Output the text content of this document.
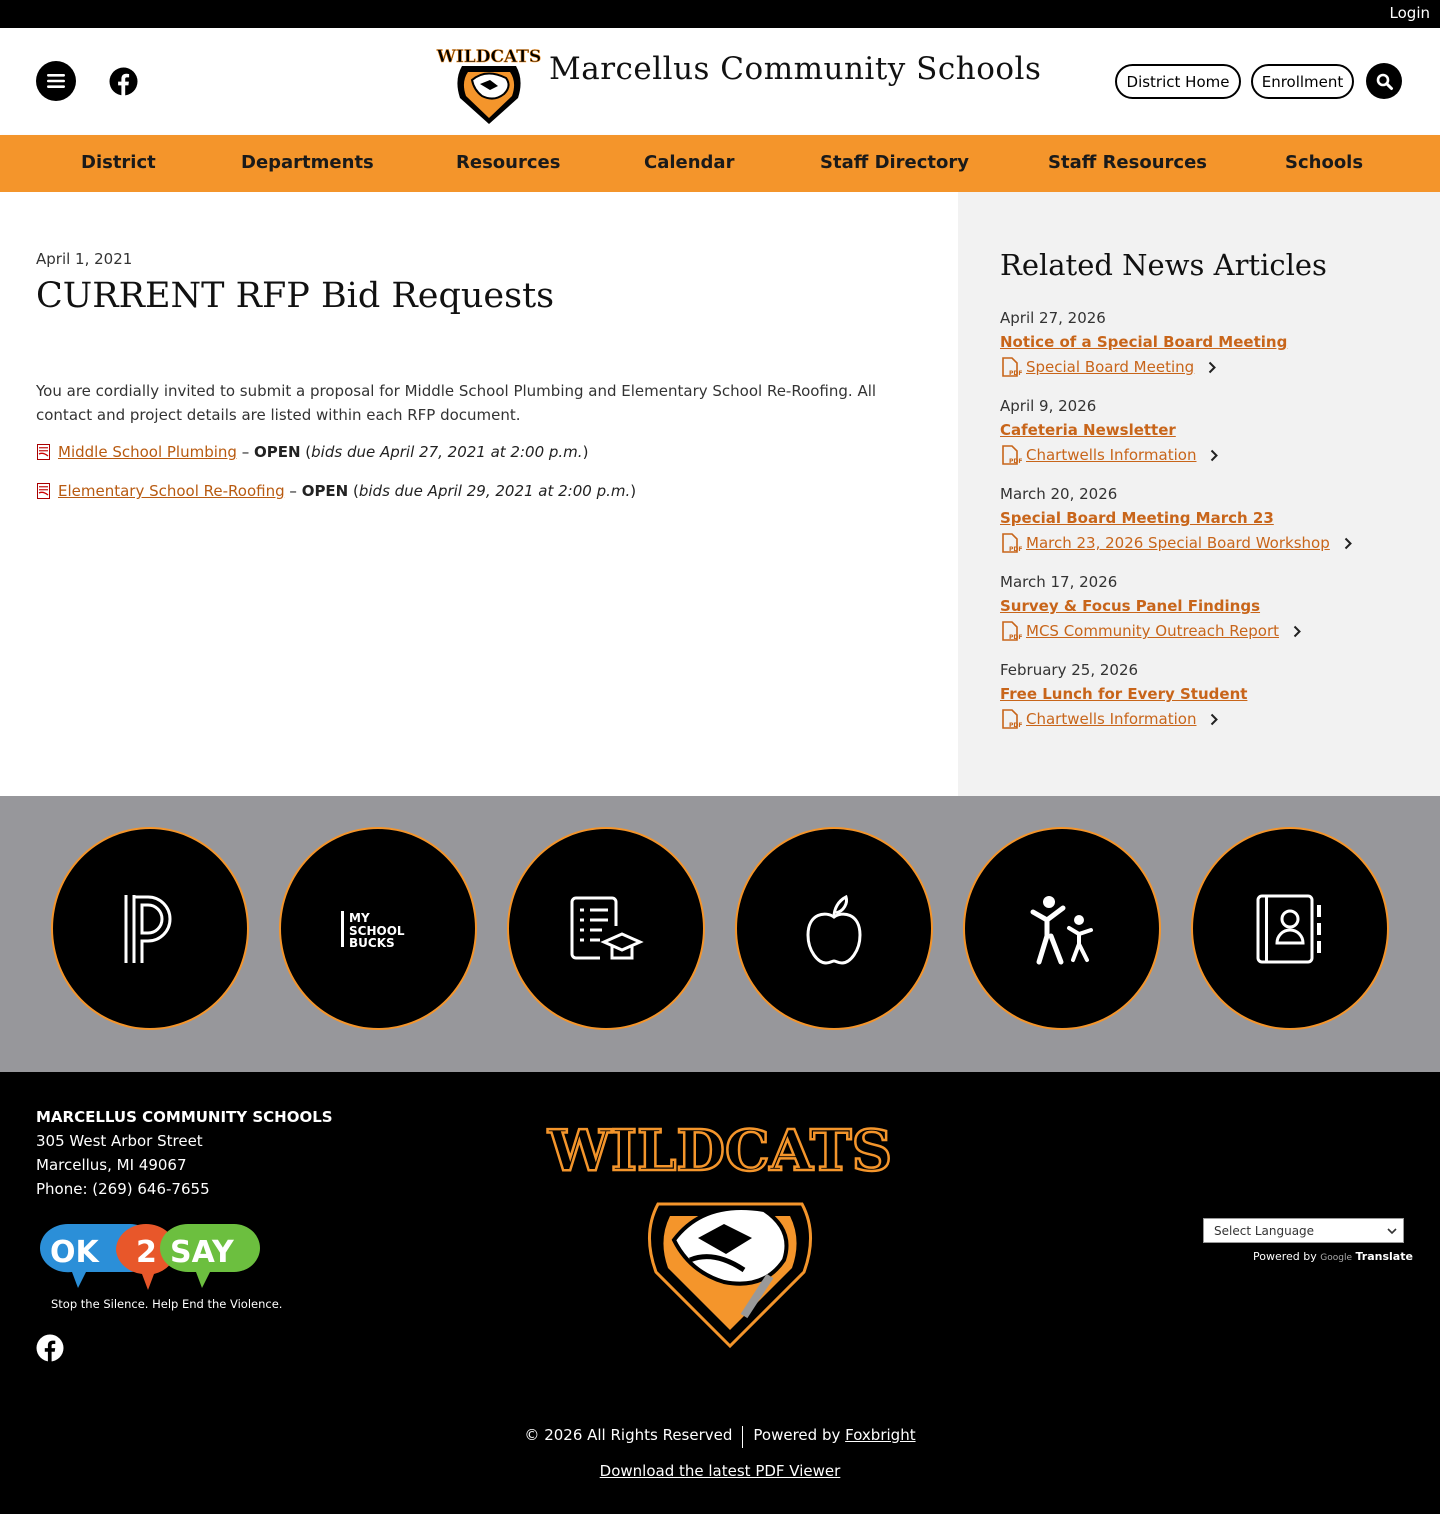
Login
WILDCATS Marcellus Community Schools	District Home	Enrollment
District	Departments	Resources	Calendar	Staff Directory	Staff Resources	Schools
April 1, 2021
CURRENT RFP Bid Requests

You are cordially invited to submit a proposal for Middle School Plumbing and Elementary School Re-Roofing. All contact and project details are listed within each RFP document.

Middle School Plumbing – OPEN ( bids due April 27, 2021 at 2:00 p.m. )
Elementary School Re-Roofing – OPEN ( bids due April 29, 2021 at 2:00 p.m. )
Related News Articles
April 27, 2026
Notice of a Special Board Meeting
PDF Special Board Meeting
April 9, 2026
Cafeteria Newsletter
PDF Chartwells Information
March 20, 2026
Special Board Meeting March 23
PDF March 23, 2026 Special Board Workshop
March 17, 2026
Survey & Focus Panel Findings
PDF MCS Community Outreach Report
February 25, 2026
Free Lunch for Every Student
PDF Chartwells Information
MY
SCHOOL
BUCKS
MARCELLUS COMMUNITY SCHOOLS
305 West Arbor Street
Marcellus, MI 49067
Phone: (269) 646-7655
OK 2 SAY
Stop the Silence. Help End the Violence.
WILDCATS
Select Language
Powered by Google Translate
© 2026 All Rights Reserved Powered by Foxbright
Download the latest PDF Viewer
